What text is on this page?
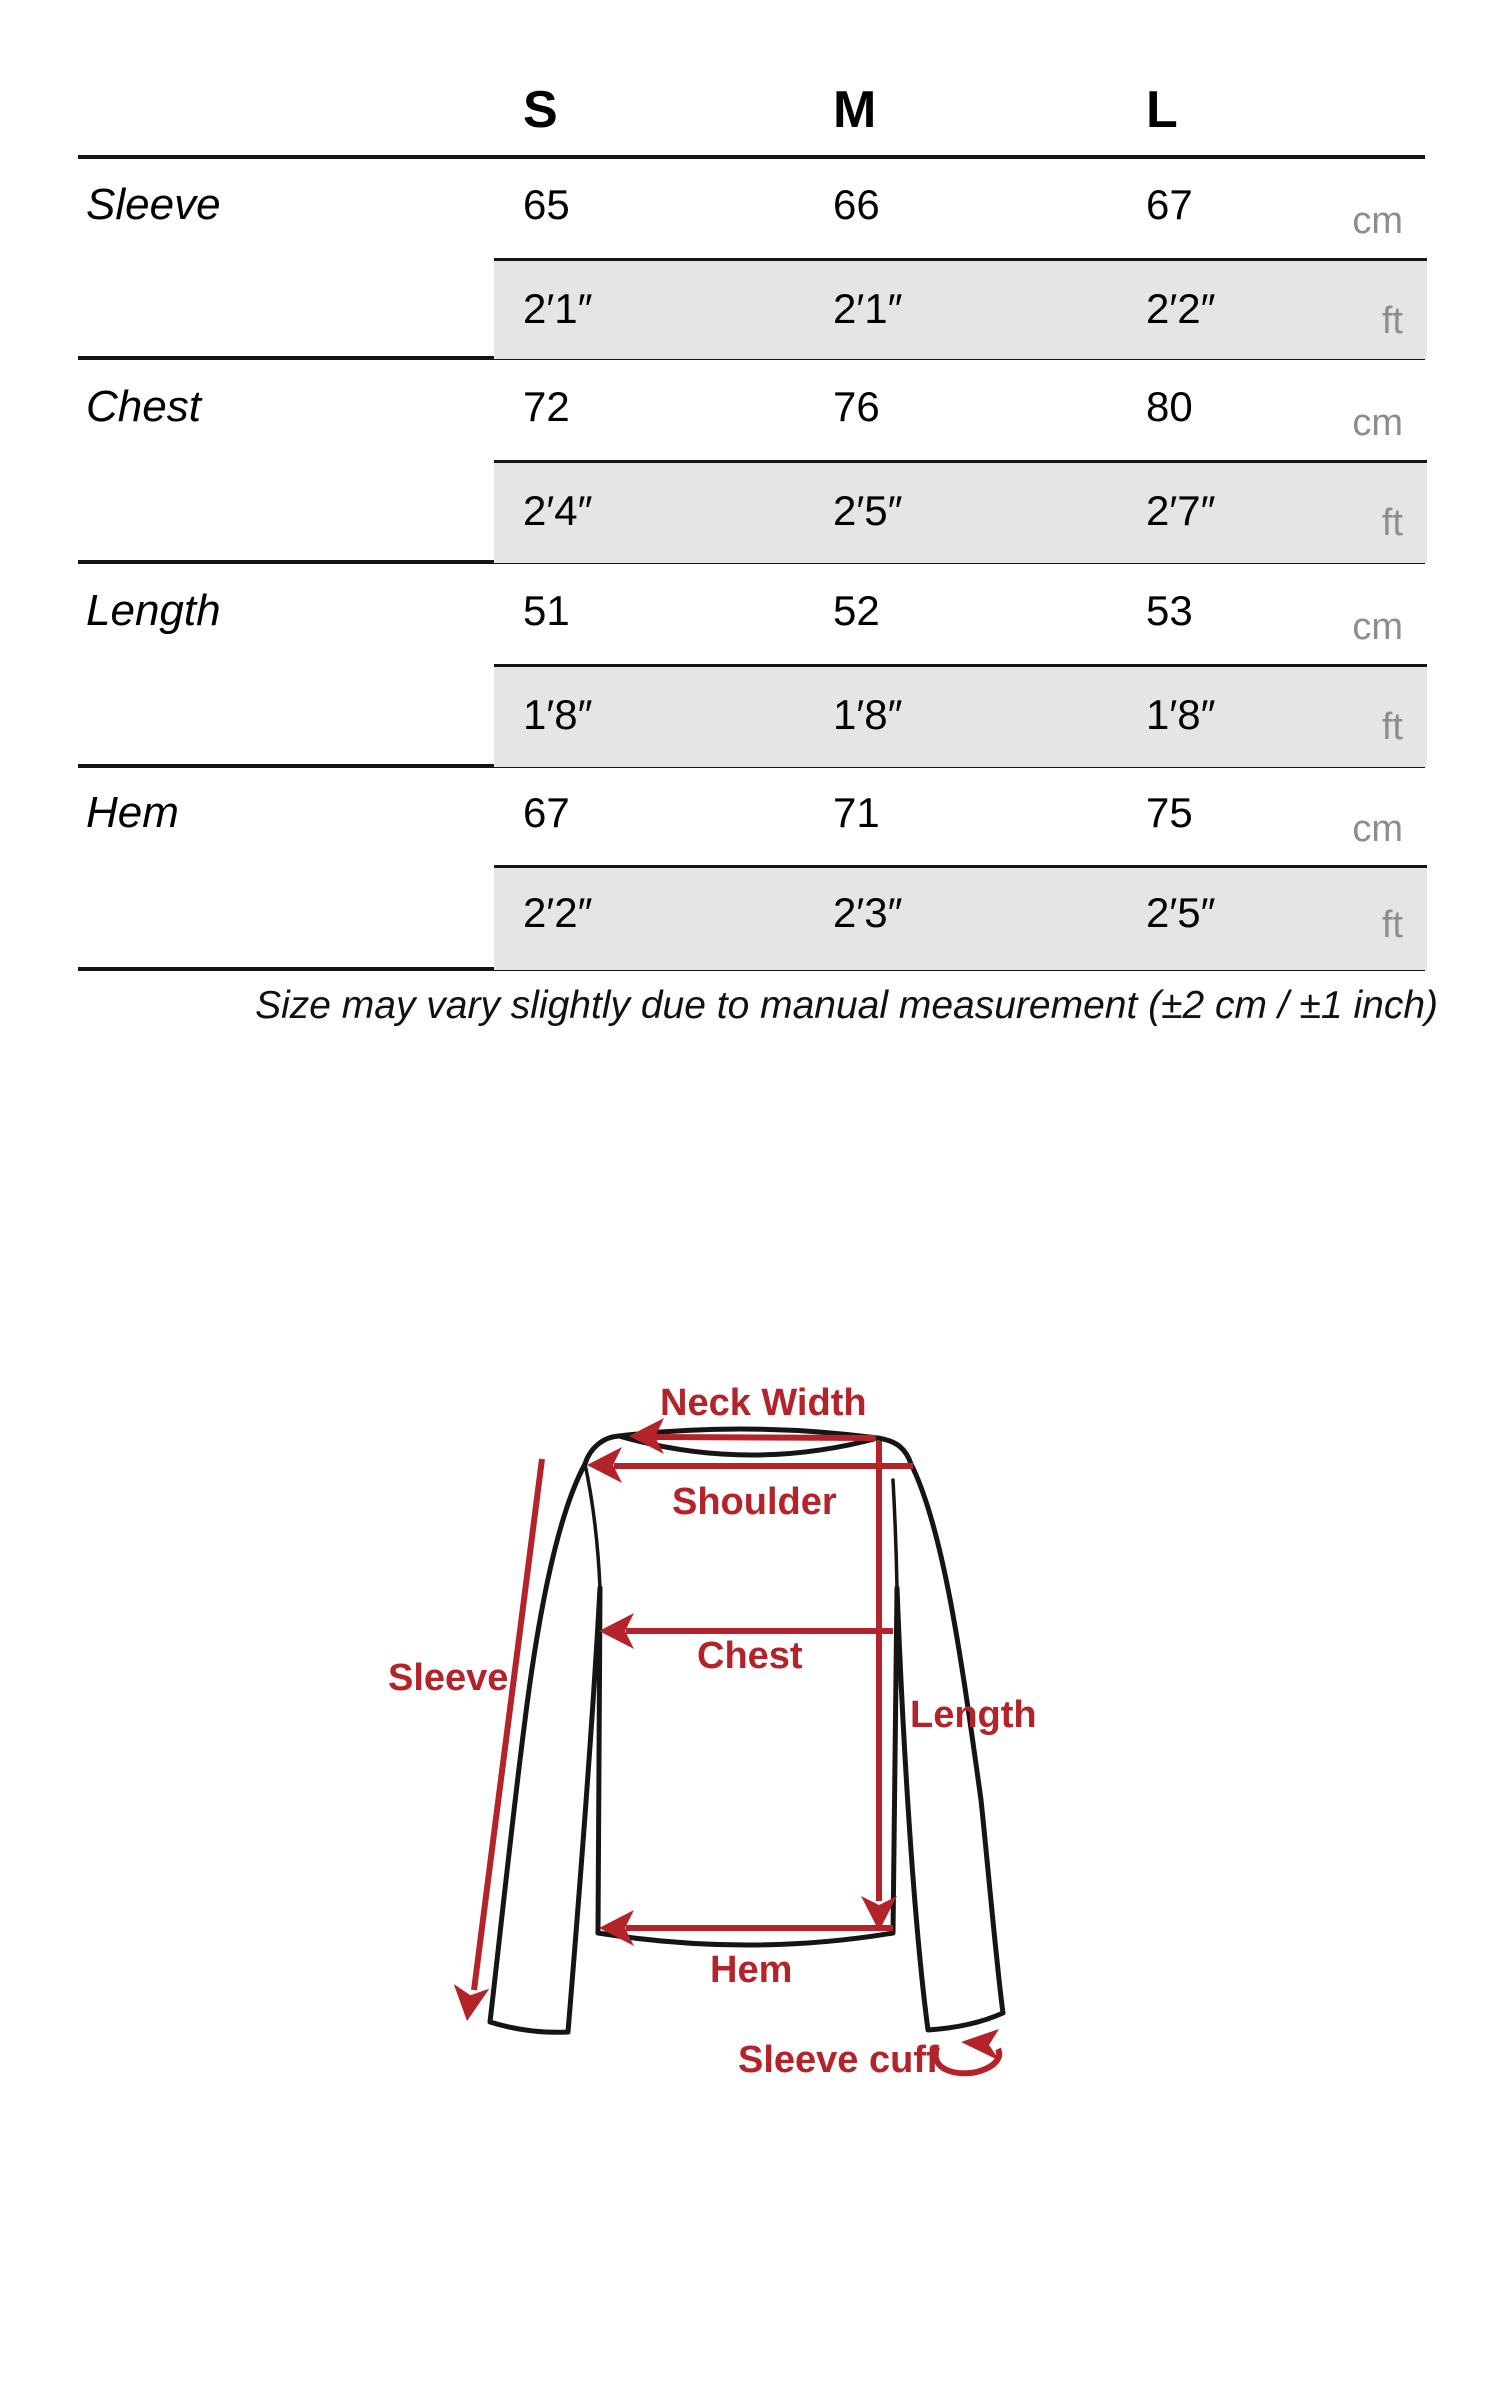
S	M	L
Sleeve	65	66	67	cm
2′1″	2′1″	2′2″	ft
Chest	72	76	80	cm
2′4″	2′5″	2′7″	ft
Length	51	52	53	cm
1′8″	1′8″	1′8″	ft
Hem	67	71	75	cm
2′2″	2′3″	2′5″	ft
Size may vary slightly due to manual measurement (±2 cm / ±1 inch)
Neck Width
Shoulder
Chest
Length
Sleeve
Hem
Sleeve cuff
